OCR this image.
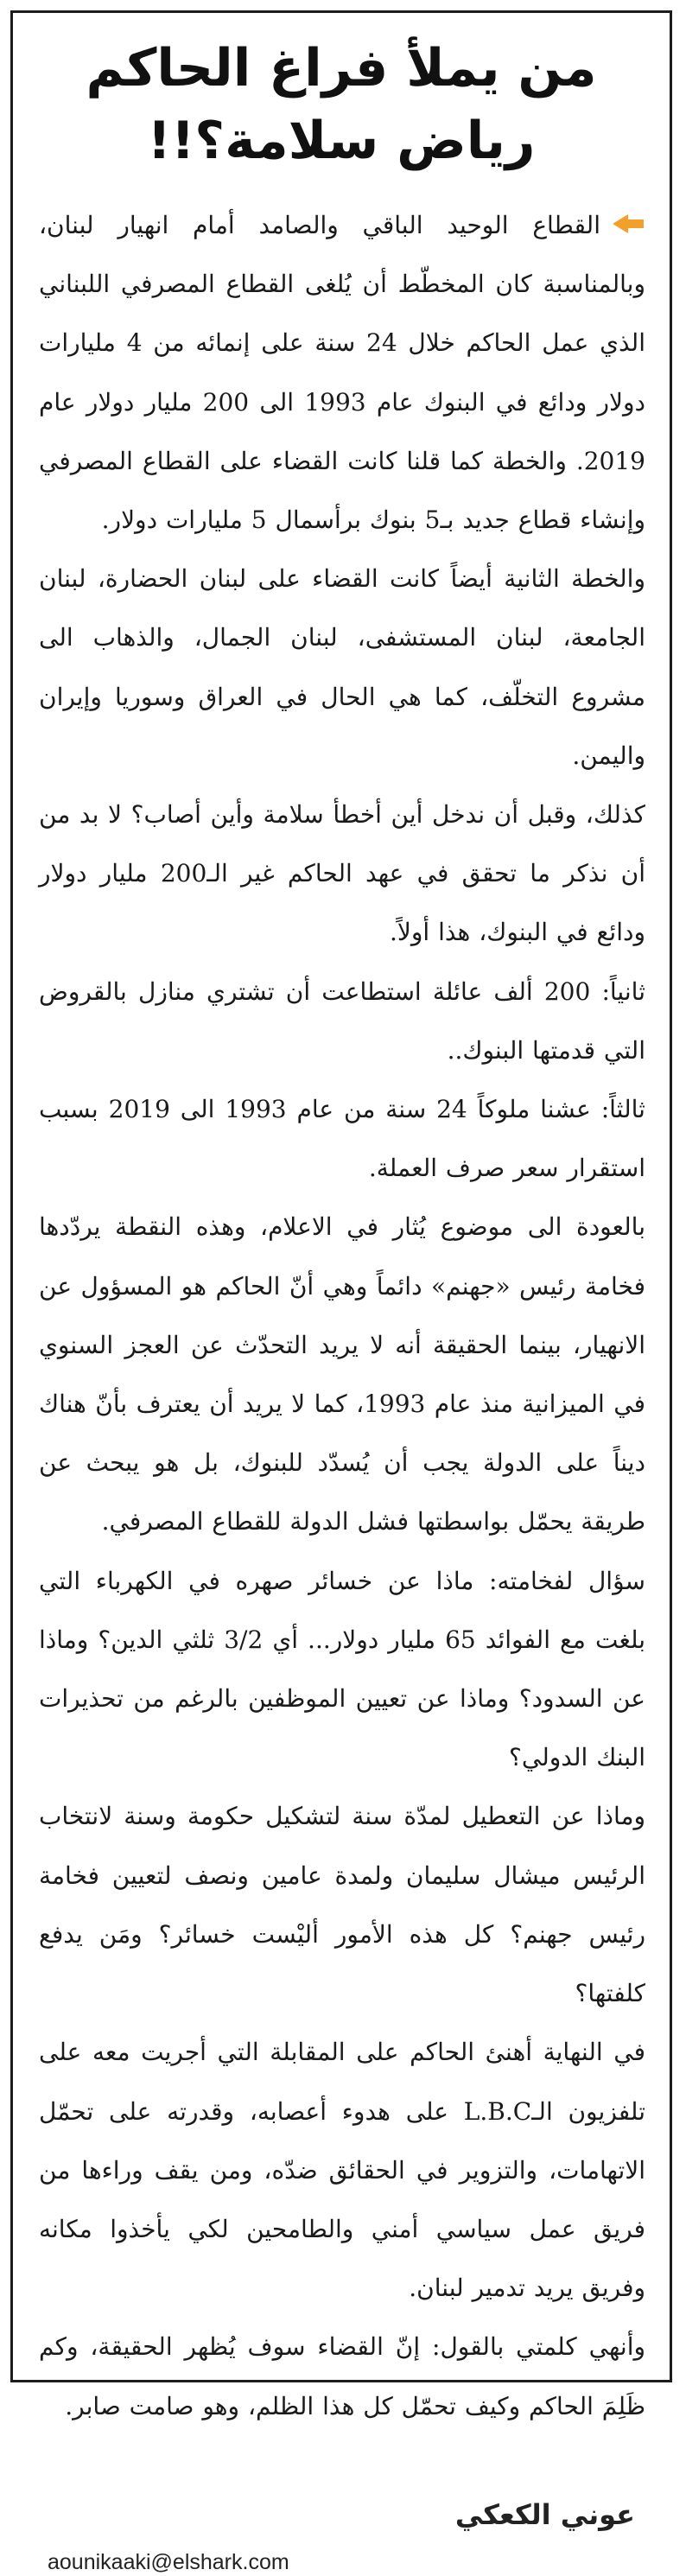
من يملأ فراغ الحاكم
رياض سلامة؟!!

القطاع الوحيد الباقي والصامد أمام انهيار لبنان، وبالمناسبة كان المخطّط أن يُلغى القطاع المصرفي اللبناني الذي عمل الحاكم خلال 24 سنة على إنمائه من 4 مليارات دولار ودائع في البنوك عام 1993 الى 200 مليار دولار عام 2019. والخطة كما قلنا كانت القضاء على القطاع المصرفي وإنشاء قطاع جديد بـ5 بنوك برأسمال 5 مليارات دولار.

والخطة الثانية أيضاً كانت القضاء على لبنان الحضارة، لبنان الجامعة، لبنان المستشفى، لبنان الجمال، والذهاب الى مشروع التخلّف، كما هي الحال في العراق وسوريا وإيران واليمن.

كذلك، وقبل أن ندخل أين أخطأ سلامة وأين أصاب؟ لا بد من أن نذكر ما تحقق في عهد الحاكم غير الـ200 مليار دولار ودائع في البنوك، هذا أولاً.

ثانياً: 200 ألف عائلة استطاعت أن تشتري منازل بالقروض التي قدمتها البنوك..

ثالثاً: عشنا ملوكاً 24 سنة من عام 1993 الى 2019 بسبب استقرار سعر صرف العملة.

بالعودة الى موضوع يُثار في الاعلام، وهذه النقطة يردّدها فخامة رئيس «جهنم» دائماً وهي أنّ الحاكم هو المسؤول عن الانهيار، بينما الحقيقة أنه لا يريد التحدّث عن العجز السنوي في الميزانية منذ عام 1993، كما لا يريد أن يعترف بأنّ هناك ديناً على الدولة يجب أن يُسدّد للبنوك، بل هو يبحث عن طريقة يحمّل بواسطتها فشل الدولة للقطاع المصرفي.

سؤال لفخامته: ماذا عن خسائر صهره في الكهرباء التي بلغت مع الفوائد 65 مليار دولار... أي 3/2 ثلثي الدين؟ وماذا عن السدود؟ وماذا عن تعيين الموظفين بالرغم من تحذيرات البنك الدولي؟

وماذا عن التعطيل لمدّة سنة لتشكيل حكومة وسنة لانتخاب الرئيس ميشال سليمان ولمدة عامين ونصف لتعيين فخامة رئيس جهنم؟ كل هذه الأمور أليْست خسائر؟ ومَن يدفع كلفتها؟

في النهاية أهنئ الحاكم على المقابلة التي أجريت معه على تلفزيون الـL.B.C على هدوء أعصابه، وقدرته على تحمّل الاتهامات، والتزوير في الحقائق ضدّه، ومن يقف وراءها من فريق عمل سياسي أمني والطامحين لكي يأخذوا مكانه وفريق يريد تدمير لبنان.

وأنهي كلمتي بالقول: إنّ القضاء سوف يُظهر الحقيقة، وكم ظَلِمَ الحاكم وكيف تحمّل كل هذا الظلم، وهو صامت صابر.

عوني الكعكي
aounikaaki@elshark.com
